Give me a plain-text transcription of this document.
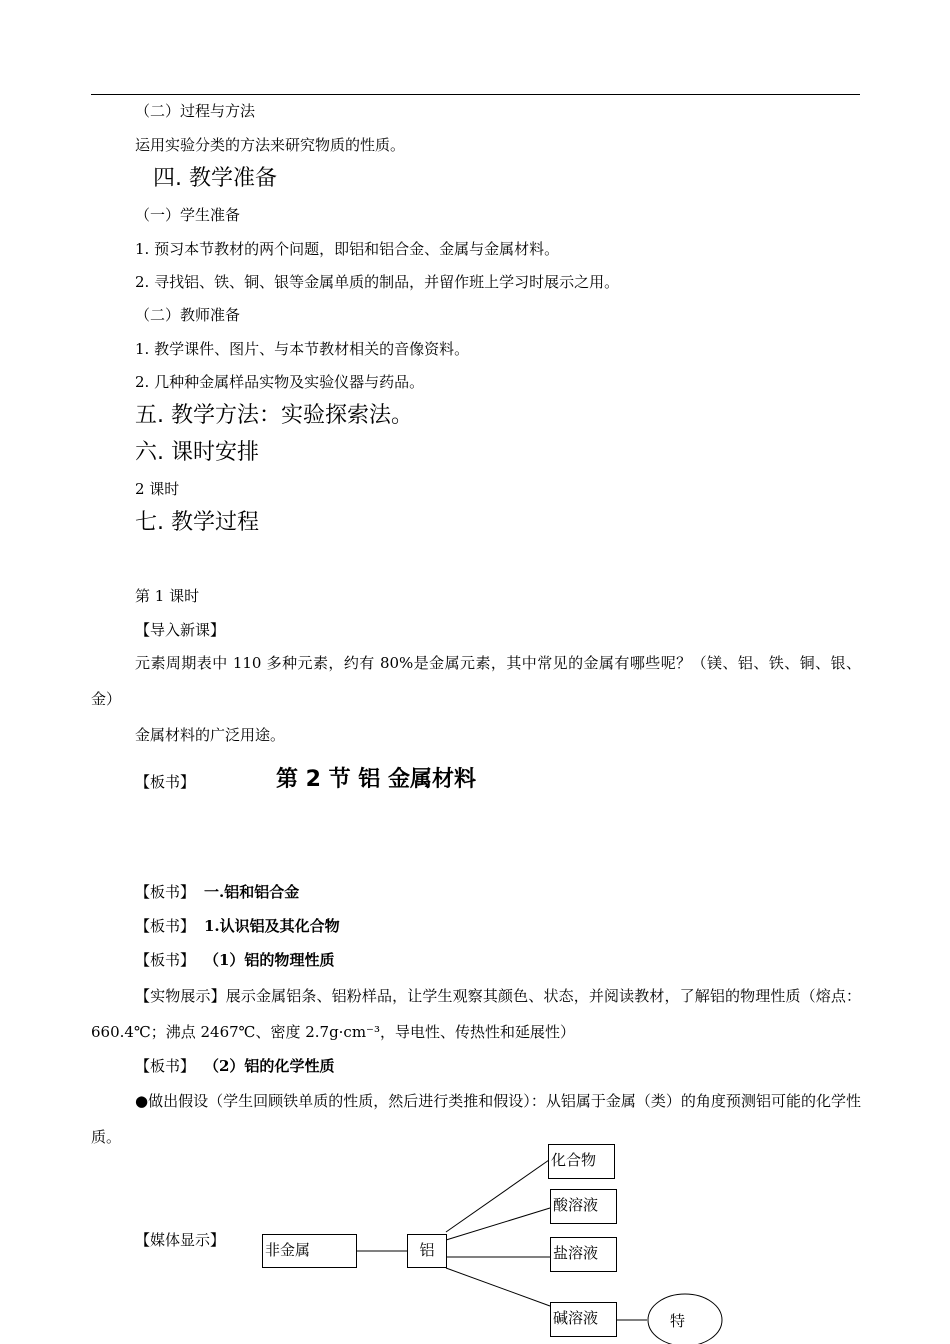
（二）过程与方法
运用实验分类的方法来研究物质的性质。
四. 教学准备
（一）学生准备
1. 预习本节教材的两个问题，即铝和铝合金、金属与金属材料。
2. 寻找铝、铁、铜、银等金属单质的制品，并留作班上学习时展示之用。
（二）教师准备
1. 教学课件、图片、与本节教材相关的音像资料。
2. 几种种金属样品实物及实验仪器与药品。
五. 教学方法：实验探索法。
六. 课时安排
2 课时
七. 教学过程
第 1 课时
【导入新课】
元素周期表中 110 多种元素，约有 80%是金属元素，其中常见的金属有哪些呢？（镁、铝、铁、铜、银、金）
金属材料的广泛用途。
【板书】	第 2 节 铝 金属材料
【板书】 一.铝和铝合金
【板书】 1.认识铝及其化合物
【板书】 （1）铝的物理性质
【实物展示】展示金属铝条、铝粉样品，让学生观察其颜色、状态，并阅读教材，了解铝的物理性质（熔点：660.4℃；沸点 2467℃、密度 2.7g·cm⁻³，导电性、传热性和延展性）
【板书】 （2）铝的化学性质
●做出假设（学生回顾铁单质的性质，然后进行类推和假设）：从铝属于金属（类）的角度预测铝可能的化学性质。
【媒体显示】
非金属	铝
化合物
酸溶液
盐溶液
碱溶液	特
